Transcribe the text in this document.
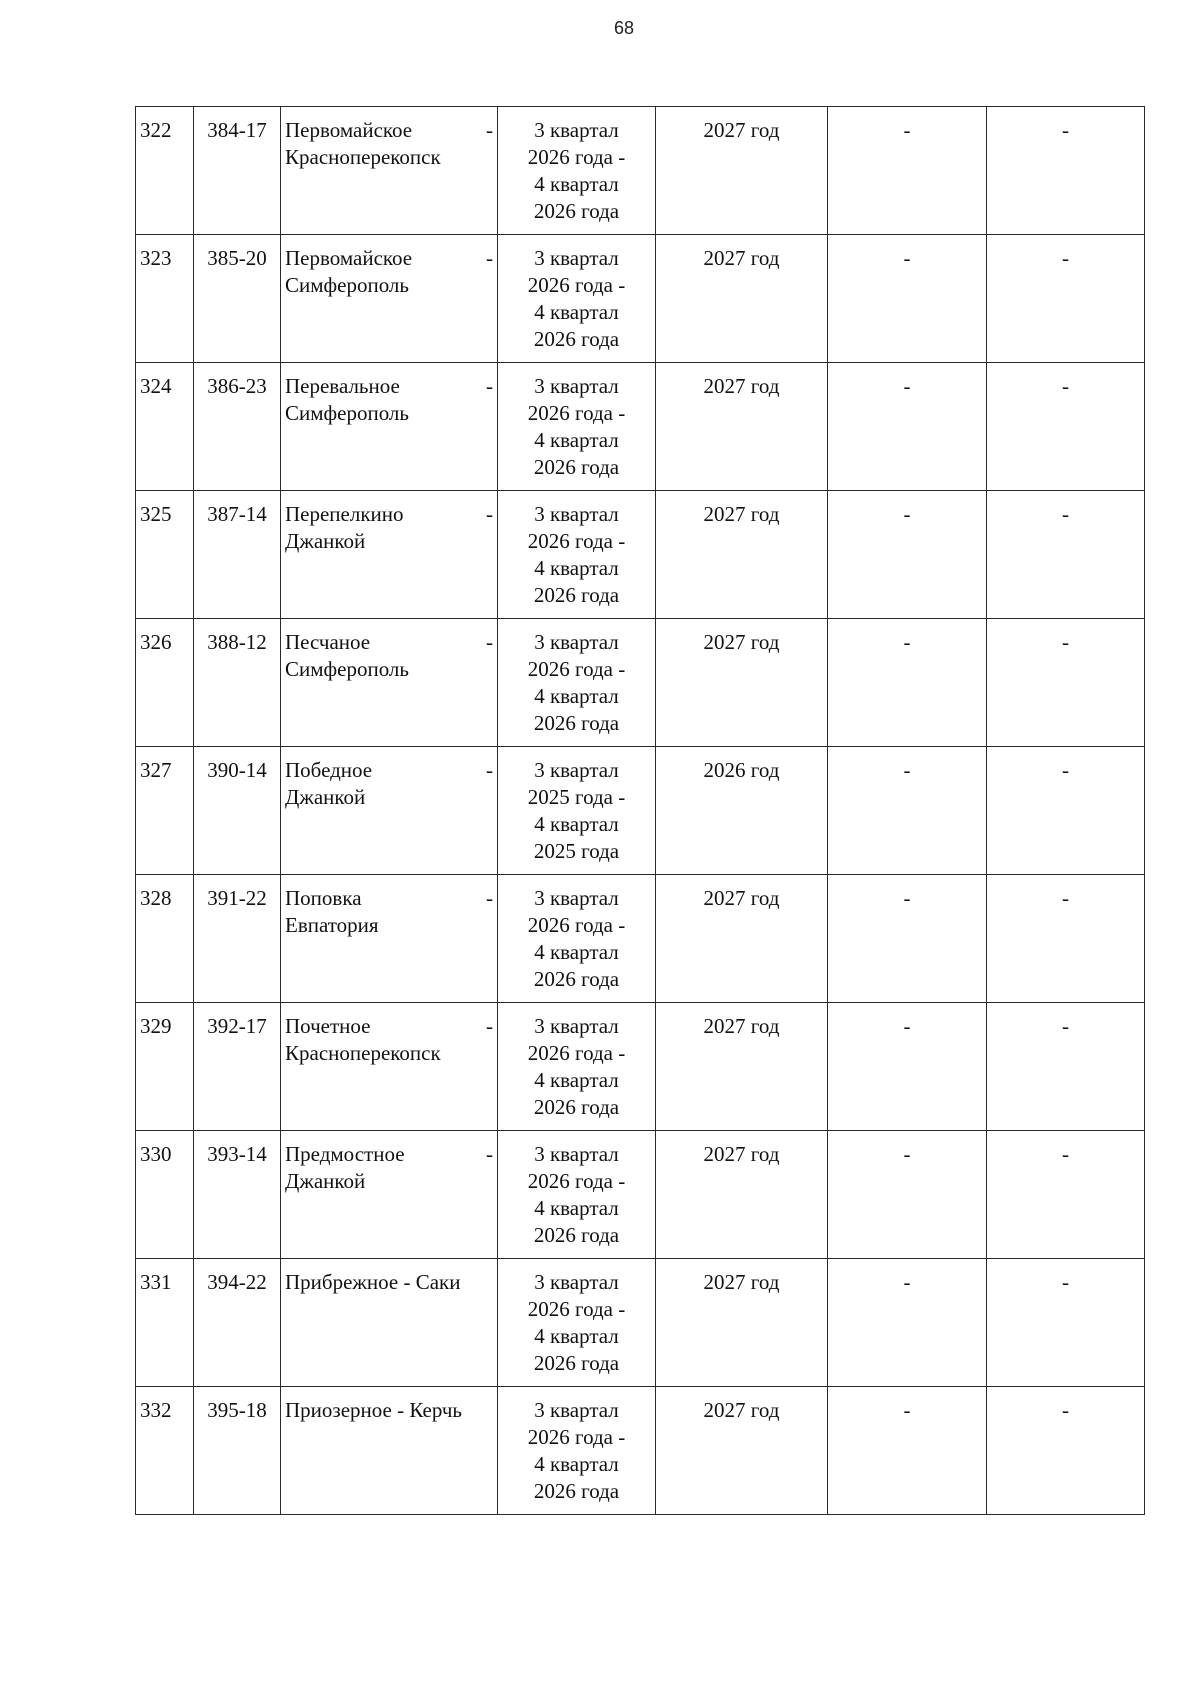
68
322	384-17	Первомайское -
Красноперекопск	3 квартал
2026 года -
4 квартал
2026 года	2027 год	-	-
323	385-20	Первомайское -
Симферополь	3 квартал
2026 года -
4 квартал
2026 года	2027 год	-	-
324	386-23	Перевальное -
Симферополь	3 квартал
2026 года -
4 квартал
2026 года	2027 год	-	-
325	387-14	Перепелкино -
Джанкой	3 квартал
2026 года -
4 квартал
2026 года	2027 год	-	-
326	388-12	Песчаное -
Симферополь	3 квартал
2026 года -
4 квартал
2026 года	2027 год	-	-
327	390-14	Победное -
Джанкой	3 квартал
2025 года -
4 квартал
2025 года	2026 год	-	-
328	391-22	Поповка -
Евпатория	3 квартал
2026 года -
4 квартал
2026 года	2027 год	-	-
329	392-17	Почетное -
Красноперекопск	3 квартал
2026 года -
4 квартал
2026 года	2027 год	-	-
330	393-14	Предмостное -
Джанкой	3 квартал
2026 года -
4 квартал
2026 года	2027 год	-	-
331	394-22	Прибрежное - Саки	3 квартал
2026 года -
4 квартал
2026 года	2027 год	-	-
332	395-18	Приозерное - Керчь	3 квартал
2026 года -
4 квартал
2026 года	2027 год	-	-
